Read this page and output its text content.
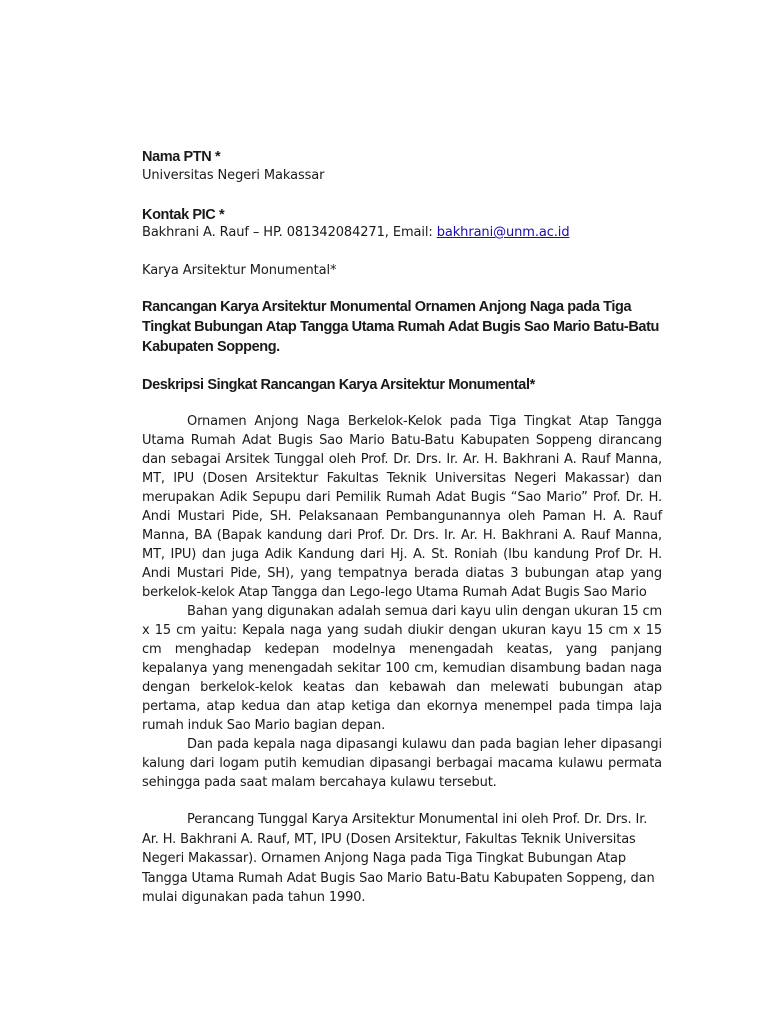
Nama PTN *

Universitas Negeri Makassar

Kontak PIC *

Bakhrani A. Rauf – HP. 081342084271, Email: bakhrani@unm.ac.id

Karya Arsitektur Monumental*

Rancangan Karya Arsitektur Monumental Ornamen Anjong Naga pada Tiga Tingkat Bubungan Atap Tangga Utama Rumah Adat Bugis Sao Mario Batu-Batu Kabupaten Soppeng.

Deskripsi Singkat Rancangan Karya Arsitektur Monumental*

Ornamen Anjong Naga Berkelok-Kelok pada Tiga Tingkat Atap Tangga Utama Rumah Adat Bugis Sao Mario Batu-Batu Kabupaten Soppeng dirancang dan sebagai Arsitek Tunggal oleh Prof. Dr. Drs. Ir. Ar. H. Bakhrani A. Rauf Manna, MT, IPU (Dosen Arsitektur Fakultas Teknik Universitas Negeri Makassar) dan merupakan Adik Sepupu dari Pemilik Rumah Adat Bugis “Sao Mario” Prof. Dr. H. Andi Mustari Pide, SH. Pelaksanaan Pembangunannya oleh Paman H. A. Rauf Manna, BA (Bapak kandung dari Prof. Dr. Drs. Ir. Ar. H. Bakhrani A. Rauf Manna, MT, IPU) dan juga Adik Kandung dari Hj. A. St. Roniah (Ibu kandung Prof Dr. H. Andi Mustari Pide, SH), yang tempatnya berada diatas 3 bubungan atap yang berkelok-kelok Atap Tangga dan Lego-lego Utama Rumah Adat Bugis Sao Mario

Bahan yang digunakan adalah semua dari kayu ulin dengan ukuran 15 cm x 15 cm yaitu: Kepala naga yang sudah diukir dengan ukuran kayu 15 cm x 15 cm menghadap kedepan modelnya menengadah keatas, yang panjang kepalanya yang menengadah sekitar 100 cm, kemudian disambung badan naga dengan berkelok-kelok keatas dan kebawah dan melewati bubungan atap pertama, atap kedua dan atap ketiga dan ekornya menempel pada timpa laja rumah induk Sao Mario bagian depan.

Dan pada kepala naga dipasangi kulawu dan pada bagian leher dipasangi kalung dari logam putih kemudian dipasangi berbagai macama kulawu permata sehingga pada saat malam bercahaya kulawu tersebut.

Perancang Tunggal Karya Arsitektur Monumental ini oleh Prof. Dr. Drs. Ir. Ar. H. Bakhrani A. Rauf, MT, IPU (Dosen Arsitektur, Fakultas Teknik Universitas Negeri Makassar). Ornamen Anjong Naga pada Tiga Tingkat Bubungan Atap Tangga Utama Rumah Adat Bugis Sao Mario Batu-Batu Kabupaten Soppeng, dan mulai digunakan pada tahun 1990.
